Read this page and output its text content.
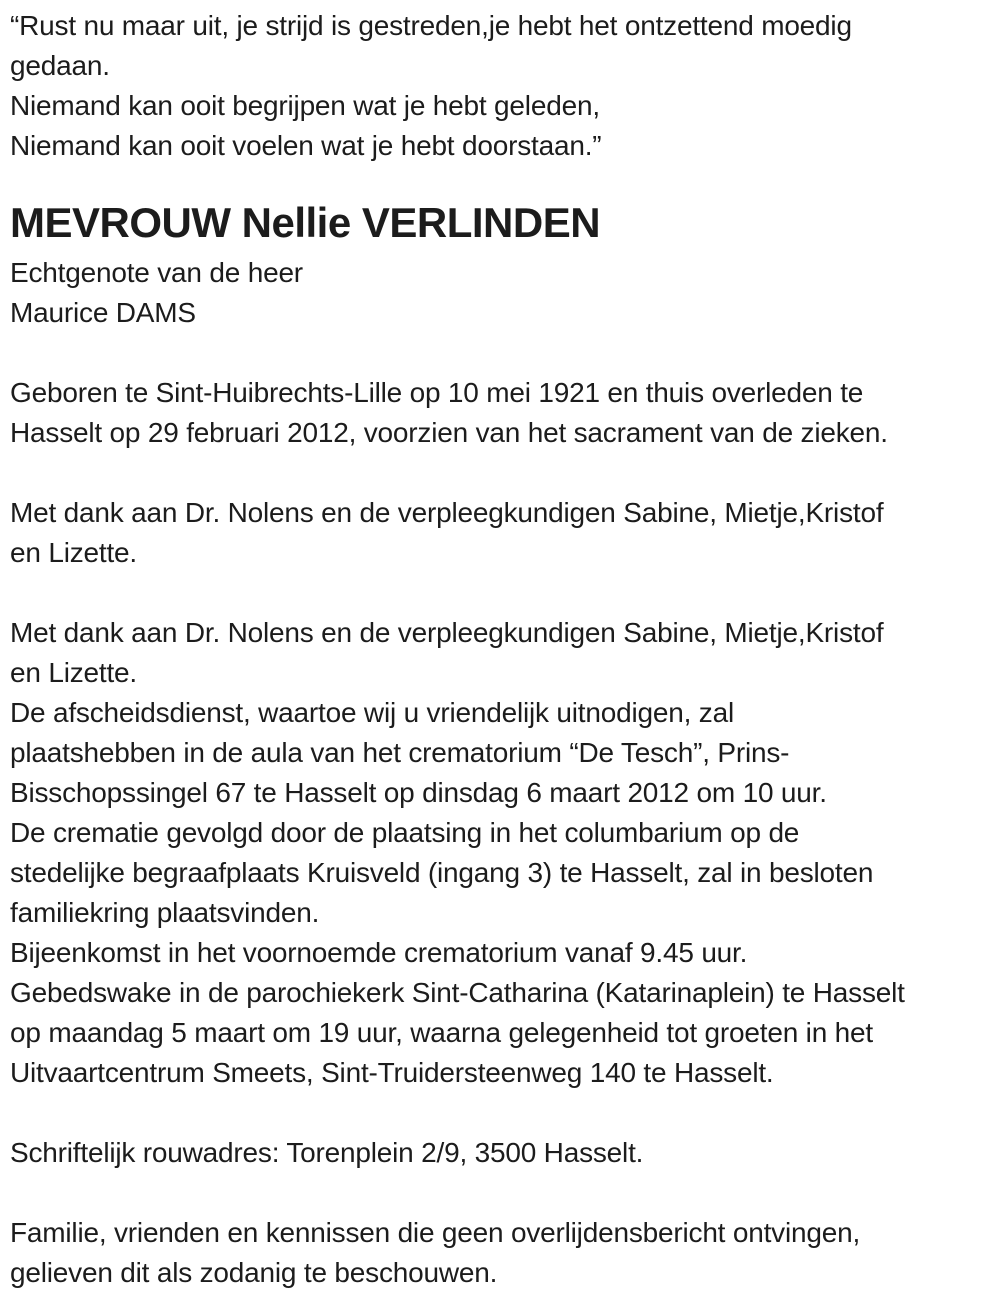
“Rust nu maar uit, je strijd is gestreden,je hebt het ontzettend moedig
gedaan.
Niemand kan ooit begrijpen wat je hebt geleden,
Niemand kan ooit voelen wat je hebt doorstaan.”
MEVROUW Nellie VERLINDEN
Echtgenote van de heer
Maurice DAMS
Geboren te Sint-Huibrechts-Lille op 10 mei 1921 en thuis overleden te
Hasselt op 29 februari 2012, voorzien van het sacrament van de zieken.
Met dank aan Dr. Nolens en de verpleegkundigen Sabine, Mietje,Kristof
en Lizette.
Met dank aan Dr. Nolens en de verpleegkundigen Sabine, Mietje,Kristof
en Lizette.
De afscheidsdienst, waartoe wij u vriendelijk uitnodigen, zal
plaatshebben in de aula van het crematorium “De Tesch”, Prins-
Bisschopssingel 67 te Hasselt op dinsdag 6 maart 2012 om 10 uur.
De crematie gevolgd door de plaatsing in het columbarium op de
stedelijke begraafplaats Kruisveld (ingang 3) te Hasselt, zal in besloten
familiekring plaatsvinden.
Bijeenkomst in het voornoemde crematorium vanaf 9.45 uur.
Gebedswake in de parochiekerk Sint-Catharina (Katarinaplein) te Hasselt
op maandag 5 maart om 19 uur, waarna gelegenheid tot groeten in het
Uitvaartcentrum Smeets, Sint-Truidersteenweg 140 te Hasselt.
Schriftelijk rouwadres: Torenplein 2/9, 3500 Hasselt.
Familie, vrienden en kennissen die geen overlijdensbericht ontvingen,
gelieven dit als zodanig te beschouwen.
